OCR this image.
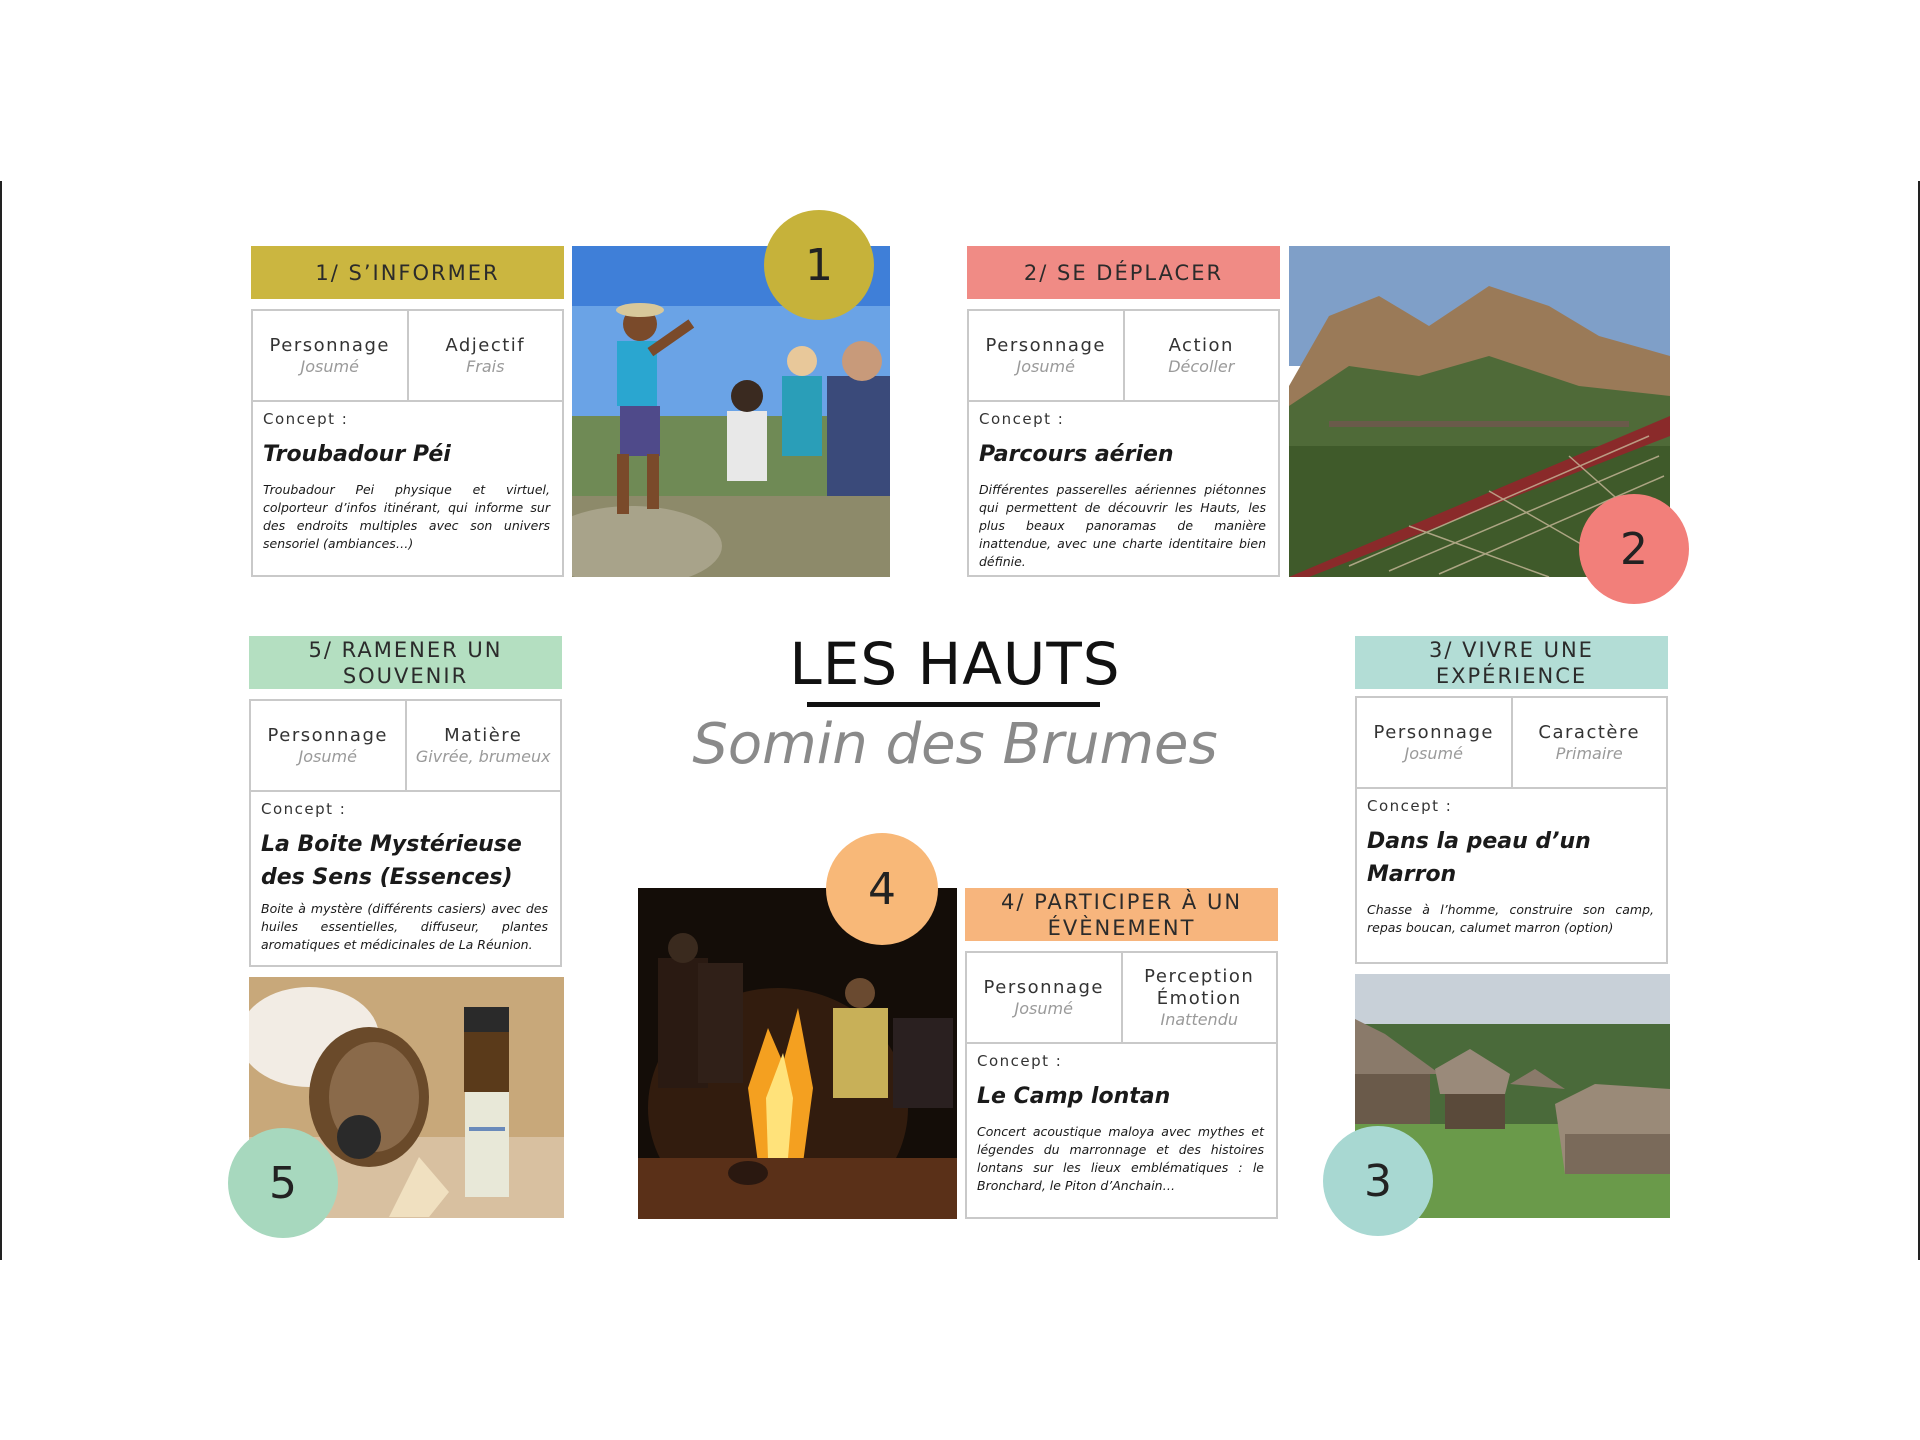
1/ S’INFORMER
Personnage
Josumé
Adjectif
Frais
Concept :
Troubadour Péi
Troubadour Pei physique et virtuel, colporteur d’infos itinérant, qui informe sur des endroits multiples avec son univers sensoriel (ambiances…)
1	2/ SE DÉPLACER
Personnage
Josumé
Action
Décoller
Concept :
Parcours aérien
Différentes passerelles aériennes piétonnes qui permettent de découvrir les Hauts, les plus beaux panoramas de manière inattendue, avec une charte identitaire bien définie.	2
LES HAUTS
Somin des Brumes
5/ RAMENER UN SOUVENIR
Personnage
Josumé
Matière
Givrée, brumeux
Concept :
La Boite Mystérieuse des Sens (Essences)
Boite à mystère (différents casiers) avec des huiles essentielles, diffuseur, plantes aromatiques et médicinales de La Réunion.
5
3/ VIVRE UNE EXPÉRIENCE
Personnage
Josumé
Caractère
Primaire
Concept :
Dans la peau d’un Marron
Chasse à l’homme, construire son camp, repas boucan, calumet marron (option)
3
4	4/ PARTICIPER À UN ÉVÈNEMENT
Personnage
Josumé
Perception Émotion
Inattendu
Concept :
Le Camp lontan
Concert acoustique maloya avec mythes et légendes du marronnage et des histoires lontans sur les lieux emblématiques : le Bronchard, le Piton d’Anchain…
